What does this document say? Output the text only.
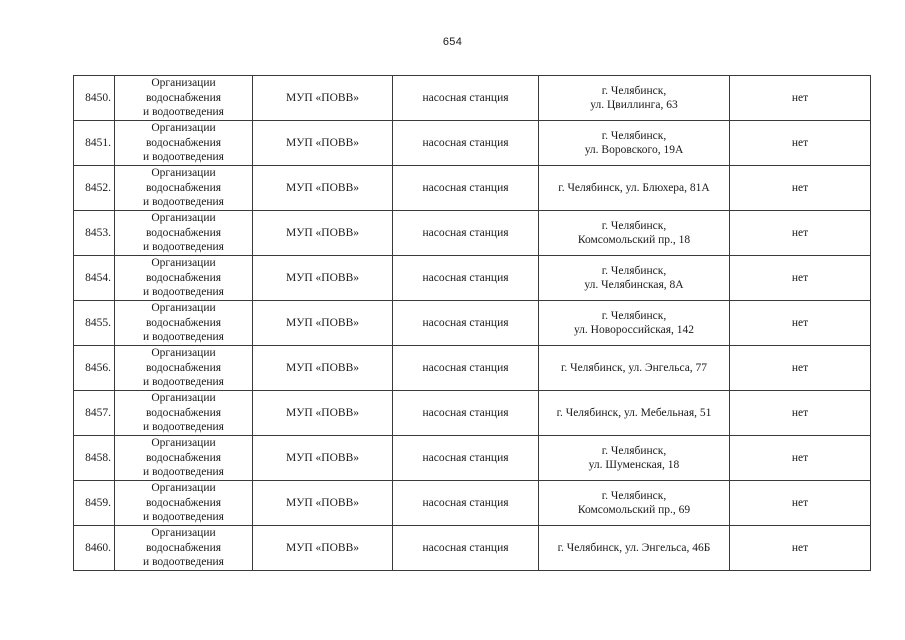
654
8450.	Организации
водоснабжения
и водоотведения	МУП «ПОВВ»	насосная станция	г. Челябинск,
ул. Цвиллинга, 63	нет
8451.	Организации
водоснабжения
и водоотведения	МУП «ПОВВ»	насосная станция	г. Челябинск,
ул. Воровского, 19А	нет
8452.	Организации
водоснабжения
и водоотведения	МУП «ПОВВ»	насосная станция	г. Челябинск, ул. Блюхера, 81А	нет
8453.	Организации
водоснабжения
и водоотведения	МУП «ПОВВ»	насосная станция	г. Челябинск,
Комсомольский пр., 18	нет
8454.	Организации
водоснабжения
и водоотведения	МУП «ПОВВ»	насосная станция	г. Челябинск,
ул. Челябинская, 8А	нет
8455.	Организации
водоснабжения
и водоотведения	МУП «ПОВВ»	насосная станция	г. Челябинск,
ул. Новороссийская, 142	нет
8456.	Организации
водоснабжения
и водоотведения	МУП «ПОВВ»	насосная станция	г. Челябинск, ул. Энгельса, 77	нет
8457.	Организации
водоснабжения
и водоотведения	МУП «ПОВВ»	насосная станция	г. Челябинск, ул. Мебельная, 51	нет
8458.	Организации
водоснабжения
и водоотведения	МУП «ПОВВ»	насосная станция	г. Челябинск,
ул. Шуменская, 18	нет
8459.	Организации
водоснабжения
и водоотведения	МУП «ПОВВ»	насосная станция	г. Челябинск,
Комсомольский пр., 69	нет
8460.	Организации
водоснабжения
и водоотведения	МУП «ПОВВ»	насосная станция	г. Челябинск, ул. Энгельса, 46Б	нет
